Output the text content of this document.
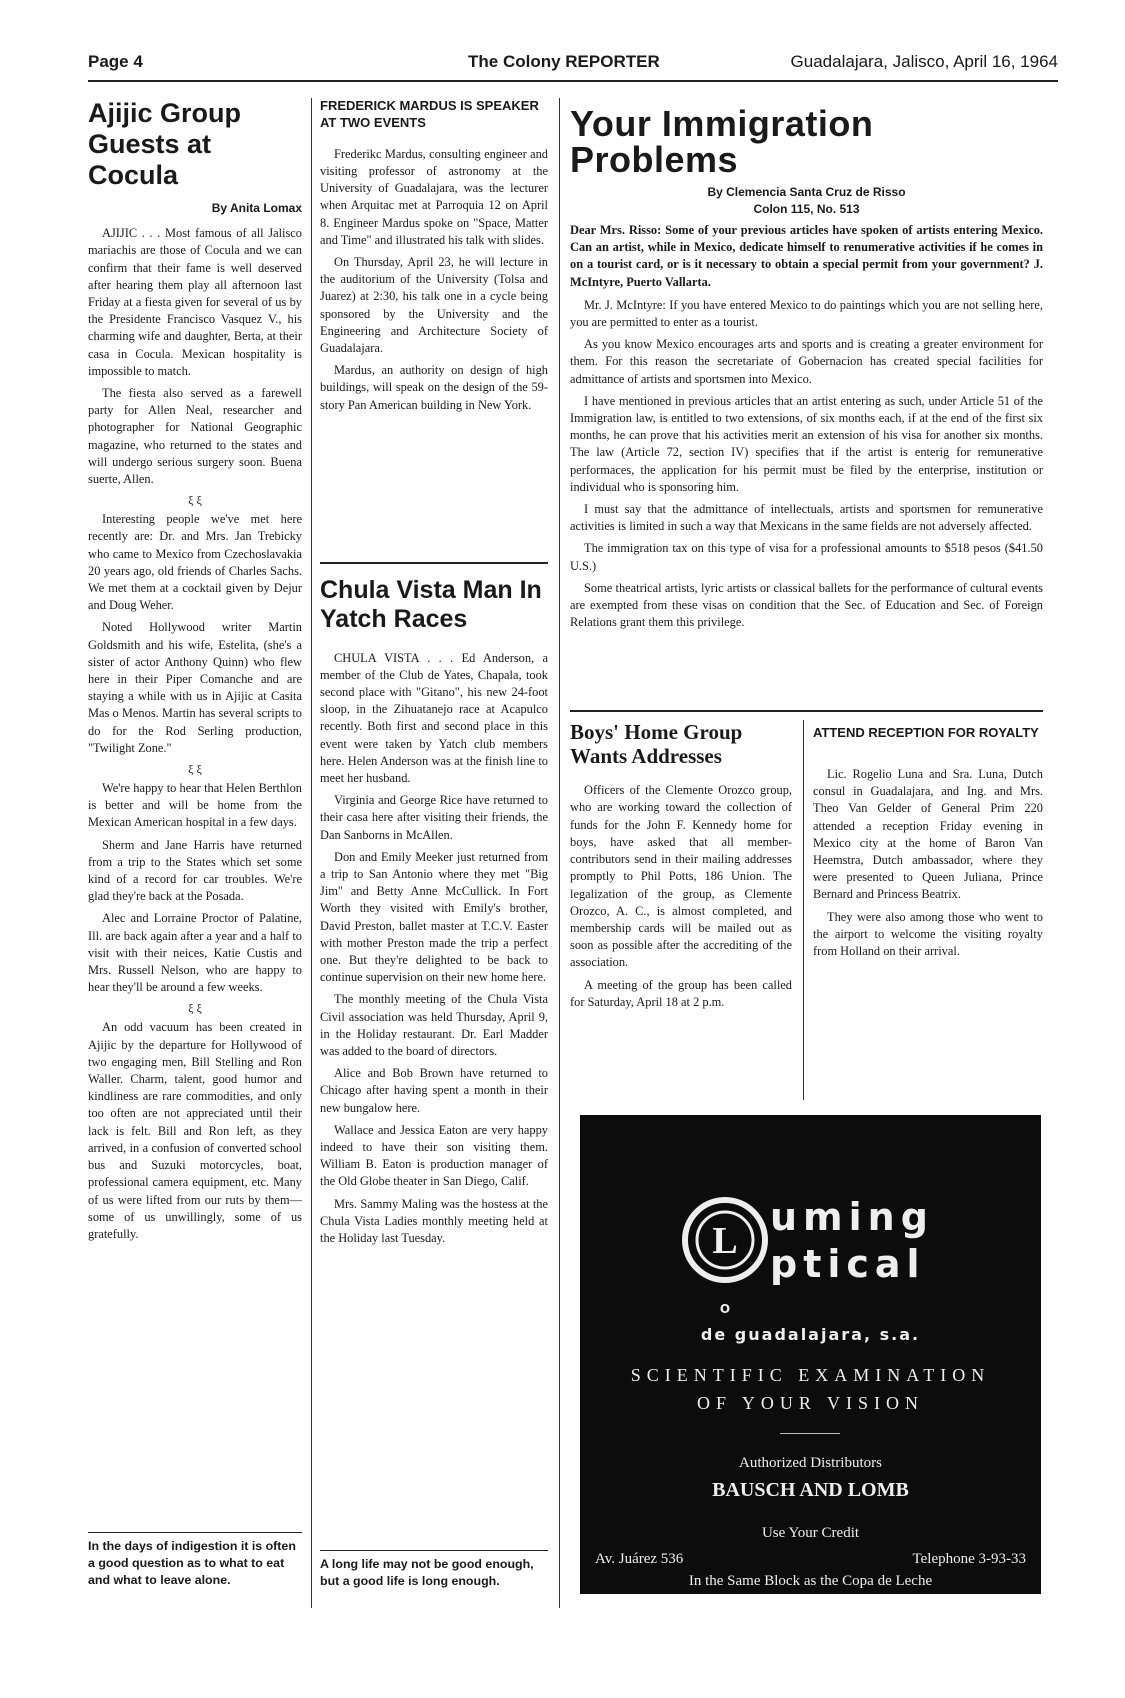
Page 4	The Colony REPORTER	Guadalajara, Jalisco, April 16, 1964
Ajijic Group Guests at Cocula
By Anita Lomax

AJIJIC . . . Most famous of all Jalisco mariachis are those of Cocula and we can confirm that their fame is well deserved after hearing them play all afternoon last Friday at a fiesta given for several of us by the Presidente Francisco Vasquez V., his charming wife and daughter, Berta, at their casa in Cocula. Mexican hospitality is impossible to match.

The fiesta also served as a farewell party for Allen Neal, researcher and photographer for National Geographic magazine, who returned to the states and will undergo serious surgery soon. Buena suerte, Allen.

ξ ξ

Interesting people we've met here recently are: Dr. and Mrs. Jan Trebicky who came to Mexico from Czechoslavakia 20 years ago, old friends of Charles Sachs. We met them at a cocktail given by Dejur and Doug Weher.

Noted Hollywood writer Martin Goldsmith and his wife, Estelita, (she's a sister of actor Anthony Quinn) who flew here in their Piper Comanche and are staying a while with us in Ajijic at Casita Mas o Menos. Martin has several scripts to do for the Rod Serling production, "Twilight Zone."

ξ ξ

We're happy to hear that Helen Berthlon is better and will be home from the Mexican American hospital in a few days.

Sherm and Jane Harris have returned from a trip to the States which set some kind of a record for car troubles. We're glad they're back at the Posada.

Alec and Lorraine Proctor of Palatine, Ill. are back again after a year and a half to visit with their neices, Katie Custis and Mrs. Russell Nelson, who are happy to hear they'll be around a few weeks.

ξ ξ

An odd vacuum has been created in Ajijic by the departure for Hollywood of two engaging men, Bill Stelling and Ron Waller. Charm, talent, good humor and kindliness are rare commodities, and only too often are not appreciated until their lack is felt. Bill and Ron left, as they arrived, in a confusion of converted school bus and Suzuki motorcycles, boat, professional camera equipment, etc. Many of us were lifted from our ruts by them—some of us unwillingly, some of us gratefully.

In the days of indigestion it is often a good question as to what to eat and what to leave alone.

FREDERICK MARDUS IS SPEAKER AT TWO EVENTS

Frederikc Mardus, consulting engineer and visiting professor of astronomy at the University of Guadalajara, was the lecturer when Arquitac met at Parroquia 12 on April 8. Engineer Mardus spoke on "Space, Matter and Time" and illustrated his talk with slides.

On Thursday, April 23, he will lecture in the auditorium of the University (Tolsa and Juarez) at 2:30, his talk one in a cycle being sponsored by the University and the Engineering and Architecture Society of Guadalajara.

Mardus, an authority on design of high buildings, will speak on the design of the 59-story Pan American building in New York.

Chula Vista Man In Yatch Races

CHULA VISTA . . . Ed Anderson, a member of the Club de Yates, Chapala, took second place with "Gitano", his new 24-foot sloop, in the Zihuatanejo race at Acapulco recently. Both first and second place in this event were taken by Yatch club members here. Helen Anderson was at the finish line to meet her husband.

Virginia and George Rice have returned to their casa here after visiting their friends, the Dan Sanborns in McAllen.

Don and Emily Meeker just returned from a trip to San Antonio where they met "Big Jim" and Betty Anne McCullick. In Fort Worth they visited with Emily's brother, David Preston, ballet master at T.C.V. Easter with mother Preston made the trip a perfect one. But they're delighted to be back to continue supervision on their new home here.

The monthly meeting of the Chula Vista Civil association was held Thursday, April 9, in the Holiday restaurant. Dr. Earl Madder was added to the board of directors.

Alice and Bob Brown have returned to Chicago after having spent a month in their new bungalow here.

Wallace and Jessica Eaton are very happy indeed to have their son visiting them. William B. Eaton is production manager of the Old Globe theater in San Diego, Calif.

Mrs. Sammy Maling was the hostess at the Chula Vista Ladies monthly meeting held at the Holiday last Tuesday.

A long life may not be good enough, but a good life is long enough.

Your Immigration Problems
By Clemencia Santa Cruz de Risso
Colon 115, No. 513
Dear Mrs. Risso: Some of your previous articles have spoken of artists entering Mexico. Can an artist, while in Mexico, dedicate himself to renumerative activities if he comes in on a tourist card, or is it necessary to obtain a special permit from your government? J. McIntyre, Puerto Vallarta.

Mr. J. McIntyre: If you have entered Mexico to do paintings which you are not selling here, you are permitted to enter as a tourist.

As you know Mexico encourages arts and sports and is creating a greater environment for them. For this reason the secretariate of Gobernacion has created special facilities for admittance of artists and sportsmen into Mexico.

I have mentioned in previous articles that an artist entering as such, under Article 51 of the Immigration law, is entitled to two extensions, of six months each, if at the end of the first six months, he can prove that his activities merit an extension of his visa for another six months. The law (Article 72, section IV) specifies that if the artist is enterig for remunerative performaces, the application for his permit must be filed by the enterprise, institution or individual who is sponsoring him.

I must say that the admittance of intellectuals, artists and sportsmen for remunerative activities is limited in such a way that Mexicans in the same fields are not adversely affected.

The immigration tax on this type of visa for a professional amounts to $518 pesos ($41.50 U.S.)

Some theatrical artists, lyric artists or classical ballets for the performance of cultural events are exempted from these visas on condition that the Sec. of Education and Sec. of Foreign Relations grant them this privilege.

Boys' Home Group Wants Addresses

Officers of the Clemente Orozco group, who are working toward the collection of funds for the John F. Kennedy home for boys, have asked that all member-contributors send in their mailing addresses promptly to Phil Potts, 186 Union. The legalization of the group, as Clemente Orozco, A. C., is almost completed, and membership cards will be mailed out as soon as possible after the accrediting of the association.

A meeting of the group has been called for Saturday, April 18 at 2 p.m.

ATTEND RECEPTION FOR ROYALTY

Lic. Rogelio Luna and Sra. Luna, Dutch consul in Guadalajara, and Ing. and Mrs. Theo Van Gelder of General Prim 220 attended a reception Friday evening in Mexico city at the home of Baron Van Heemstra, Dutch ambassador, where they were presented to Queen Juliana, Prince Bernard and Princess Beatrix.

They were also among those who went to the airport to welcome the visiting royalty from Holland on their arrival.

L
uming
ptical
O
de guadalajara, s.a.
SCIENTIFIC EXAMINATION
OF YOUR VISION
Authorized Distributors
BAUSCH AND LOMB
Use Your Credit
Av. Juárez 536	Telephone 3-93-33
In the Same Block as the Copa de Leche
